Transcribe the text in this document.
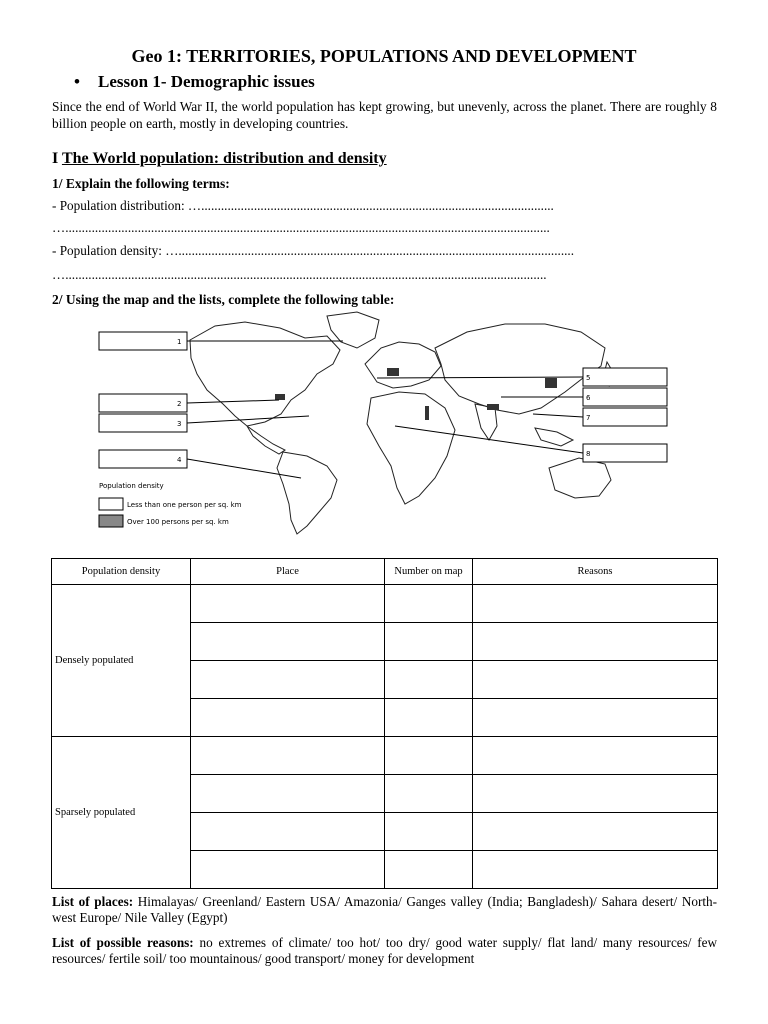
Geo 1: TERRITORIES, POPULATIONS AND DEVELOPMENT
• Lesson 1- Demographic issues
Since the end of World War II, the world population has kept growing, but unevenly, across the planet. There are roughly 8 billion people on earth, mostly in developing countries.
I The World population: distribution and density
1/ Explain the following terms:
- Population distribution: …...........................................................................................................
…...................................................................................................................................................
- Population density: …........................................................................................................................
…..................................................................................................................................................
2/ Using the map and the lists, complete the following table:
1
2
3
4
5
6
7
8
Population density
Less than one person per sq. km
Over 100 persons per sq. km
Population density	Place	Number on map	Reasons
Densely populated			

Sparsely populated			

List of places: Himalayas/ Greenland/ Eastern USA/ Amazonia/ Ganges valley (India; Bangladesh)/ Sahara desert/ North-west Europe/ Nile Valley (Egypt)
List of possible reasons: no extremes of climate/ too hot/ too dry/ good water supply/ flat land/ many resources/ few resources/ fertile soil/ too mountainous/ good transport/ money for development
